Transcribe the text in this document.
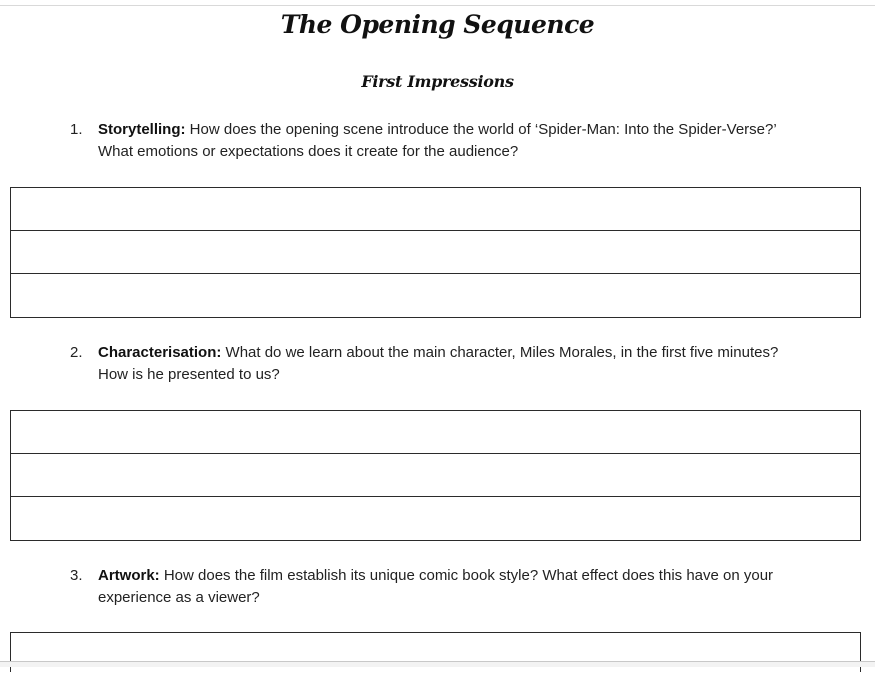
The Opening Sequence
First Impressions
1.	Storytelling: How does the opening scene introduce the world of ‘Spider-Man: Into the Spider-Verse?’ What emotions or expectations does it create for the audience?
2.	Characterisation: What do we learn about the main character, Miles Morales, in the first five minutes? How is he presented to us?
3.	Artwork: How does the film establish its unique comic book style? What effect does this have on your experience as a viewer?
